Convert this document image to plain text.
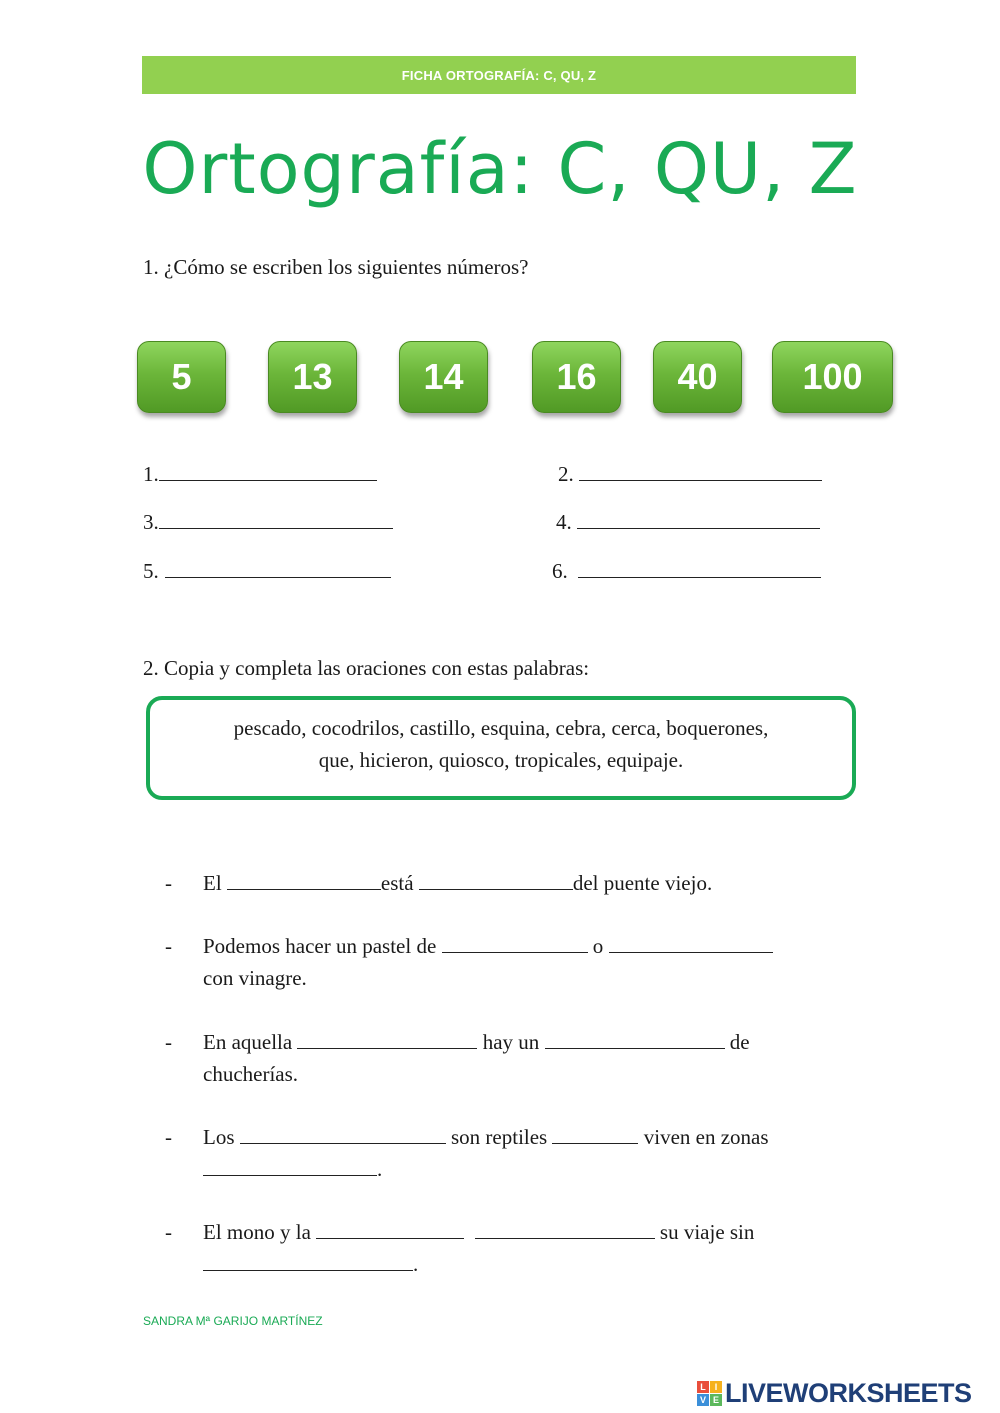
FICHA ORTOGRAFÍA: C, QU, Z
Ortografía: C, QU, Z
1. ¿Cómo se escriben los siguientes números?
5	13	14	16	40	100
1.	2.
3.	4.
5.	6.
2. Copia y completa las oraciones con estas palabras:
pescado, cocodrilos, castillo, esquina, cebra, cerca, boquerones,
que, hicieron, quiosco, tropicales, equipaje.
- El	está	del puente viejo.
- Podemos hacer un pastel de	o
con vinagre.
- En aquella	hay un	de
chucherías.
- Los	son reptiles	viven en zonas
.
- El mono y la	su viaje sin
.
SANDRA Mª GARIJO MARTÍNEZ
L I
V E LIVEWORKSHEETS
